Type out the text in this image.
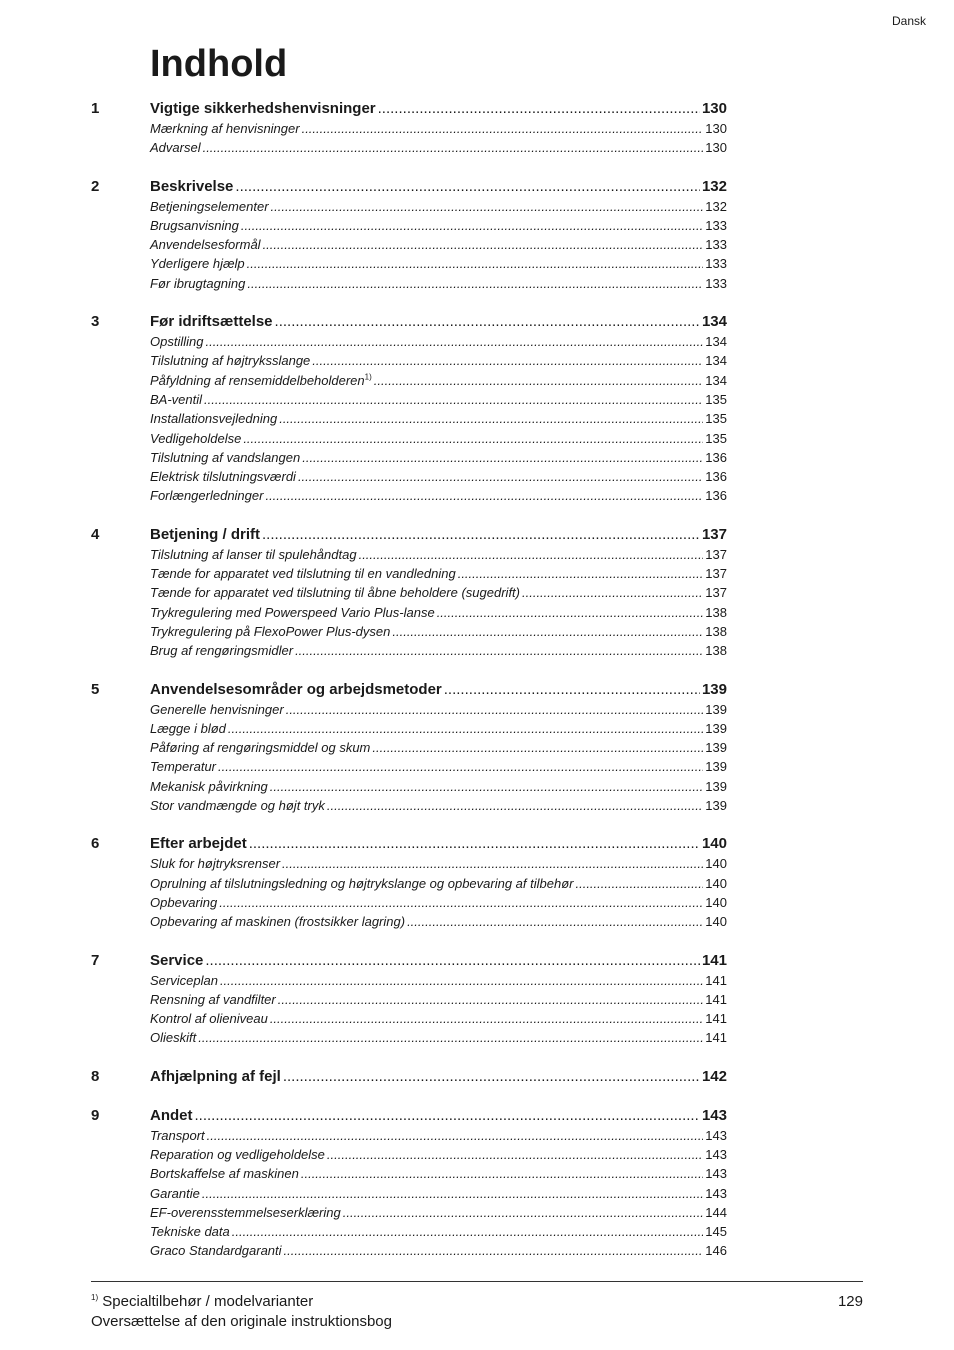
Dansk
Indhold
1	Vigtige sikkerhedshenvisninger .....	130
Mærkning af henvisninger .....	130
Advarsel .....	130
2	Beskrivelse .....	132
Betjeningselementer .....	132
Brugsanvisning .....	133
Anvendelsesformål .....	133
Yderligere hjælp .....	133
Før ibrugtagning .....	133
3	Før idriftsættelse .....	134
Opstilling .....	134
Tilslutning af højtryksslange .....	134
Påfyldning af rensemiddelbeholderen$^{1)}$ .....	134
BA-ventil .....	135
Installationsvejledning .....	135
Vedligeholdelse .....	135
Tilslutning af vandslangen .....	136
Elektrisk tilslutningsværdi .....	136
Forlængerledninger .....	136
4	Betjening / drift .....	137
Tilslutning af lanser til spulehåndtag .....	137
Tænde for apparatet ved tilslutning til en vandledning .....	137
Tænde for apparatet ved tilslutning til åbne beholdere (sugedrift) .....	137
Trykregulering med Powerspeed Vario Plus-lanse .....	138
Trykregulering på FlexoPower Plus-dysen .....	138
Brug af rengøringsmidler .....	138
5	Anvendelsesområder og arbejdsmetoder .....	139
Generelle henvisninger .....	139
Lægge i blød .....	139
Påføring af rengøringsmiddel og skum .....	139
Temperatur .....	139
Mekanisk påvirkning .....	139
Stor vandmængde og højt tryk .....	139
6	Efter arbejdet .....	140
Sluk for højtryksrenser .....	140
Oprulning af tilslutningsledning og højtrykslange og opbevaring af tilbehør .....	140
Opbevaring .....	140
Opbevaring af maskinen (frostsikker lagring) .....	140
7	Service .....	141
Serviceplan .....	141
Rensning af vandfilter .....	141
Kontrol af olieniveau .....	141
Olieskift .....	141
8	Afhjælpning af fejl .....	142
9	Andet .....	143
Transport .....	143
Reparation og vedligeholdelse .....	143
Bortskaffelse af maskinen .....	143
Garantie .....	143
EF-overensstemmelseserklæring .....	144
Tekniske data .....	145
Graco Standardgaranti .....	146
$^{1)}$ Specialtilbehør / modelvarianter	129
Oversættelse af den originale instruktionsbog
